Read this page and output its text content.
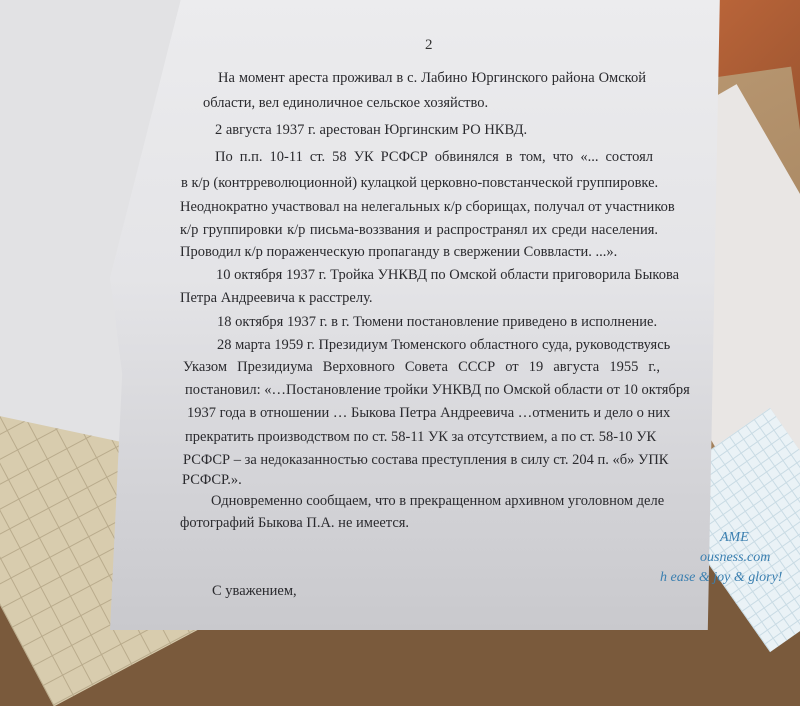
2
На момент ареста проживал в с. Лабино Юргинского района Омской
области, вел единоличное сельское хозяйство.
2 августа 1937 г. арестован Юргинским РО НКВД.
По п.п. 10-11 ст. 58 УК РСФСР обвинялся в том, что «... состоял
в к/р (контрреволюционной) кулацкой церковно-повстанческой группировке.
Неоднократно участвовал на нелегальных к/р сборищах, получал от участников
к/р группировки к/р письма-воззвания и распространял их среди населения.
Проводил к/р пораженческую пропаганду в свержении Соввласти. ...».
10 октября 1937 г. Тройка УНКВД по Омской области приговорила Быкова
Петра Андреевича к расстрелу.
18 октября 1937 г. в г. Тюмени постановление приведено в исполнение.
28 марта 1959 г. Президиум Тюменского областного суда, руководствуясь
Указом Президиума Верховного Совета СССР от 19 августа 1955 г.,
постановил: «…Постановление тройки УНКВД по Омской области от 10 октября
1937 года в отношении … Быкова Петра Андреевича …отменить и дело о них
прекратить производством по ст. 58-11 УК за отсутствием, а по ст. 58-10 УК
РСФСР – за недоказанностью состава преступления в силу ст. 204 п. «б» УПК
РСФСР.».
Одновременно сообщаем, что в прекращенном архивном уголовном деле
фотографий Быкова П.А. не имеется.
С уважением,
AME
ousness.com
h ease & joy & glory!
